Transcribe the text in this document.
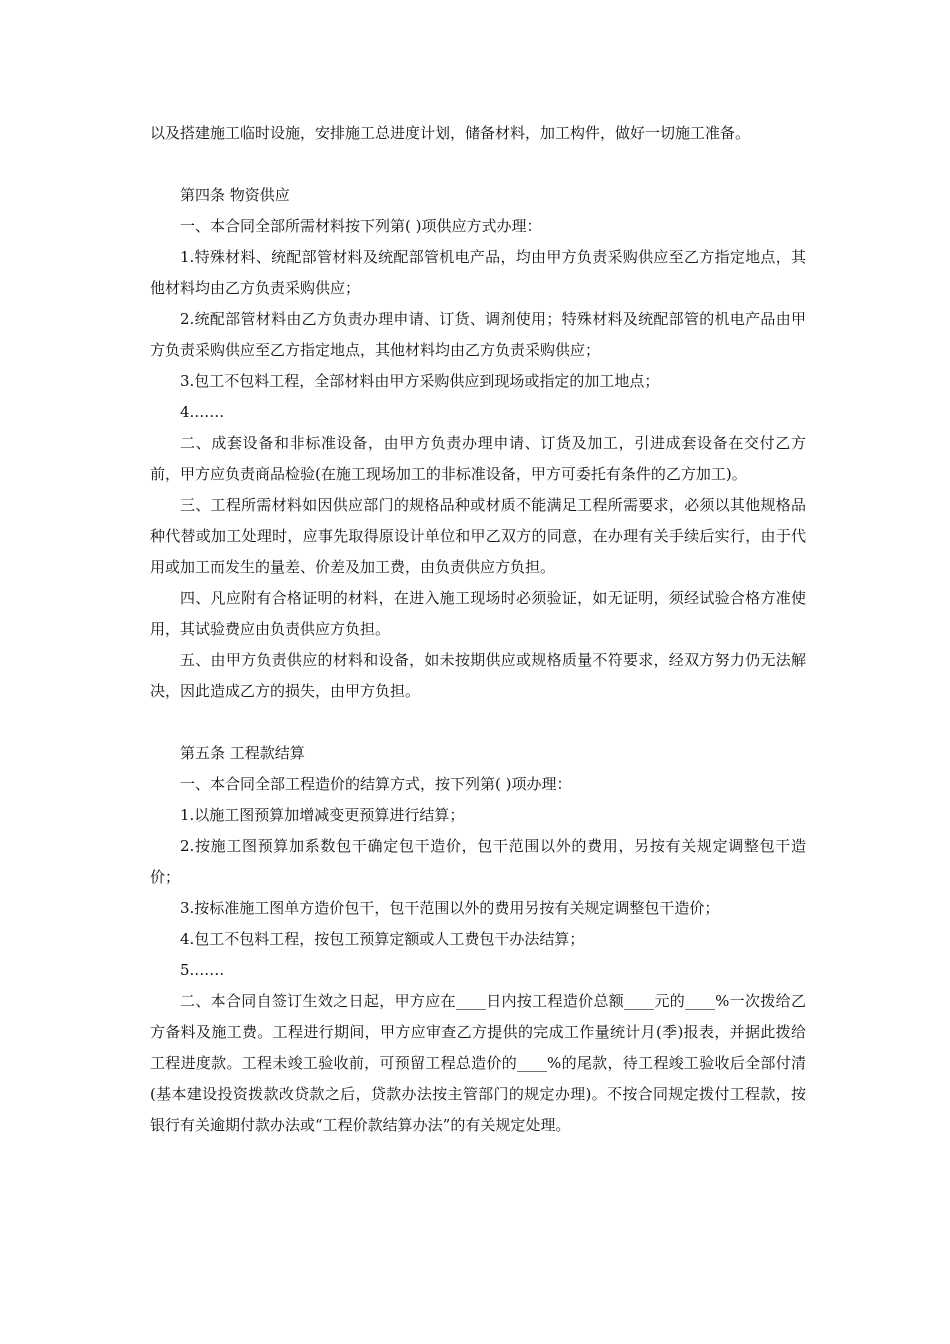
以及搭建施工临时设施，安排施工总进度计划，储备材料，加工构件，做好一切施工准备。

第四条 物资供应

一、本合同全部所需材料按下列第( )项供应方式办理：

1.特殊材料、统配部管材料及统配部管机电产品，均由甲方负责采购供应至乙方指定地点，其他材料均由乙方负责采购供应；

2.统配部管材料由乙方负责办理申请、订货、调剂使用；特殊材料及统配部管的机电产品由甲方负责采购供应至乙方指定地点，其他材料均由乙方负责采购供应；

3.包工不包料工程，全部材料由甲方采购供应到现场或指定的加工地点；

4.……

二、成套设备和非标准设备，由甲方负责办理申请、订货及加工，引进成套设备在交付乙方前，甲方应负责商品检验(在施工现场加工的非标准设备，甲方可委托有条件的乙方加工)。

三、工程所需材料如因供应部门的规格品种或材质不能满足工程所需要求，必须以其他规格品种代替或加工处理时，应事先取得原设计单位和甲乙双方的同意，在办理有关手续后实行，由于代用或加工而发生的量差、价差及加工费，由负责供应方负担。

四、凡应附有合格证明的材料，在进入施工现场时必须验证，如无证明，须经试验合格方准使用，其试验费应由负责供应方负担。

五、由甲方负责供应的材料和设备，如未按期供应或规格质量不符要求，经双方努力仍无法解决，因此造成乙方的损失，由甲方负担。

第五条 工程款结算

一、本合同全部工程造价的结算方式，按下列第( )项办理：

1.以施工图预算加增减变更预算进行结算；

2.按施工图预算加系数包干确定包干造价，包干范围以外的费用，另按有关规定调整包干造价；

3.按标准施工图单方造价包干，包干范围以外的费用另按有关规定调整包干造价；

4.包工不包料工程，按包工预算定额或人工费包干办法结算；

5.……

二、本合同自签订生效之日起，甲方应在____日内按工程造价总额____元的____%一次拨给乙方备料及施工费。工程进行期间，甲方应审查乙方提供的完成工作量统计月(季)报表，并据此拨给工程进度款。工程未竣工验收前，可预留工程总造价的____%的尾款，待工程竣工验收后全部付清(基本建设投资拨款改贷款之后，贷款办法按主管部门的规定办理)。不按合同规定拨付工程款，按银行有关逾期付款办法或“工程价款结算办法”的有关规定处理。
